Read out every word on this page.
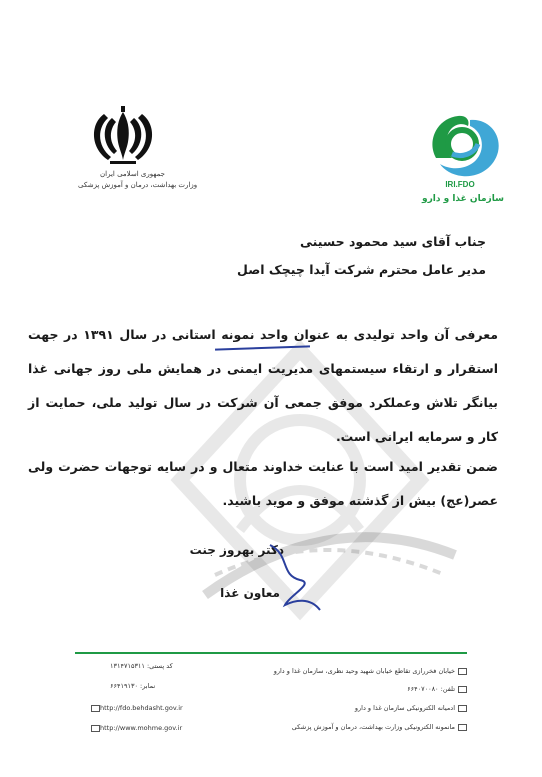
جمهوری اسلامی ایران
وزارت بهداشت، درمان و آموزش پزشکی	IRI.FDO
سازمان غذا و دارو
جناب آقای سید محمود حسینی
مدیر عامل محترم شرکت آیدا چیچک اصل
معرفی آن واحد تولیدی به عنوان واحد نمونه استانی در سال ۱۳۹۱ در جهت استقرار و ارتقاء سیستمهای مدیریت ایمنی در همایش ملی روز جهانی غذا بیانگر تلاش وعملکرد موفق جمعی آن شرکت در سال تولید ملی، حمایت از کار و سرمایه ایرانی است.
ضمن تقدیر امید است با عنایت خداوند متعال و در سایه توجهات حضرت ولی عصر(عج) بیش از گذشته موفق و موید باشید.
دکتر بهروز جنت
معاون غذا
خیابان فخررازی تقاطع خیابان شهید وحید نظری، سازمان غذا و دارو
تلفن: ۶۶۴۰۷۰۰۸۰
ادمیانه الکترونیکی سازمان غذا و دارو
مانمونه الکترونیکی وزارت بهداشت، درمان و آموزش پزشکی
کد پستی: ۱۳۱۴۷۱۵۳۱۱
نمابر: ۶۶۴۱۹۱۳۰
http://fdo.behdasht.gov.ir
http://www.mohme.gov.ir
